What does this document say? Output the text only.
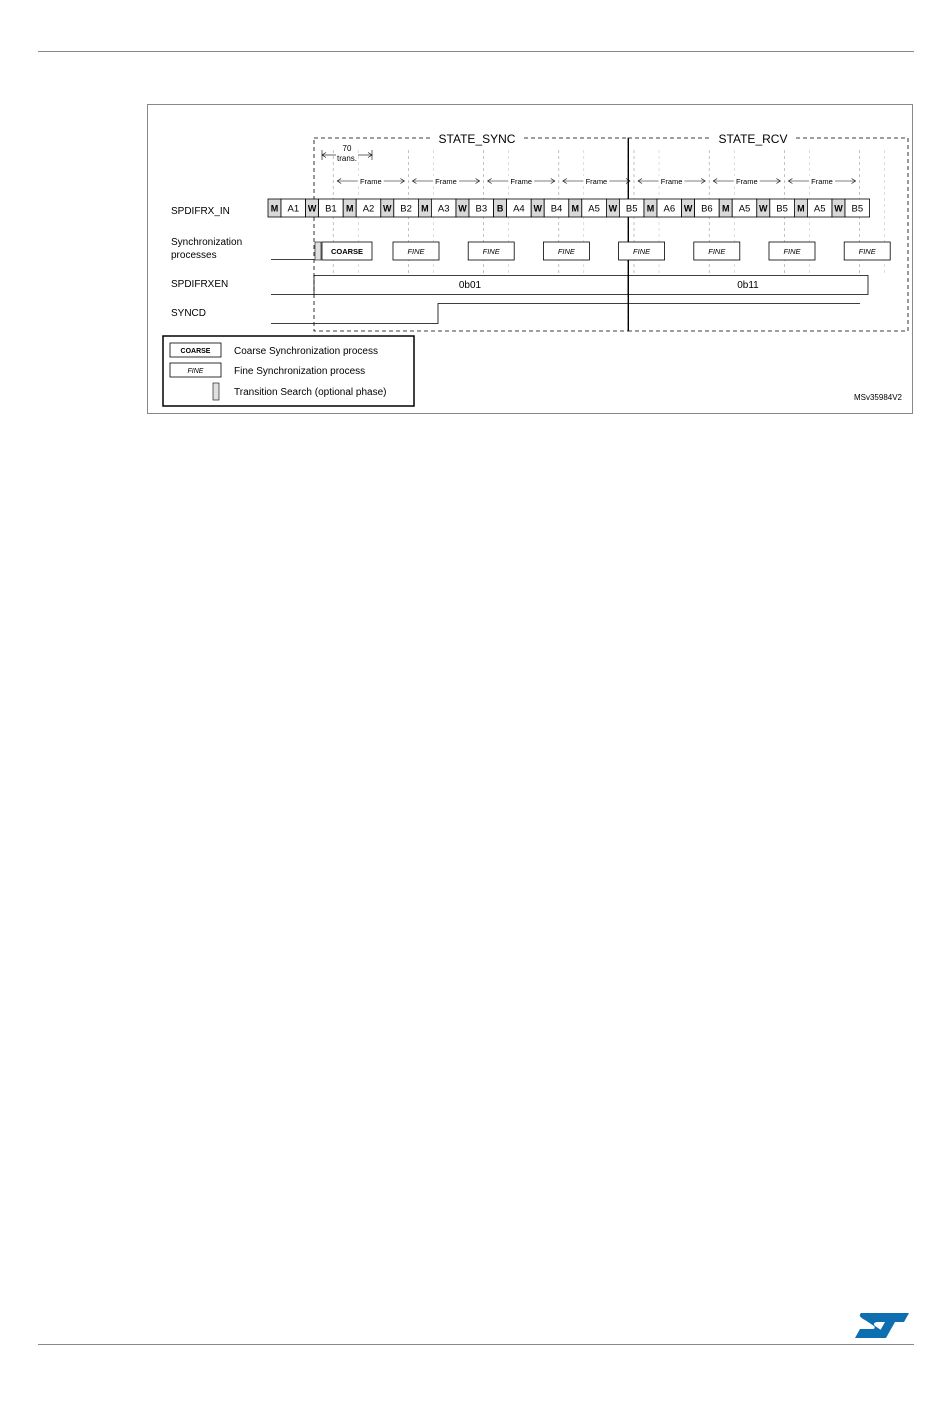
STATE_SYNC	STATE_RCV
70
trans.
Frame	Frame	Frame	Frame	Frame	Frame	Frame
SPDIFRX_IN
Synchronization
processes
SPDIFRXEN
SYNCD
M A1 W B1 M A2 W B2 M A3 W B3 B A4 W B4 M A5 W B5 M A6 W B6 M A5 W B5 M A5 W B5
COARSE	FINE	FINE	FINE	FINE	FINE	FINE	FINE
0b01	0b11
COARSE Coarse Synchronization process
FINE	Fine Synchronization process
Transition Search (optional phase)	MSv35984V2
